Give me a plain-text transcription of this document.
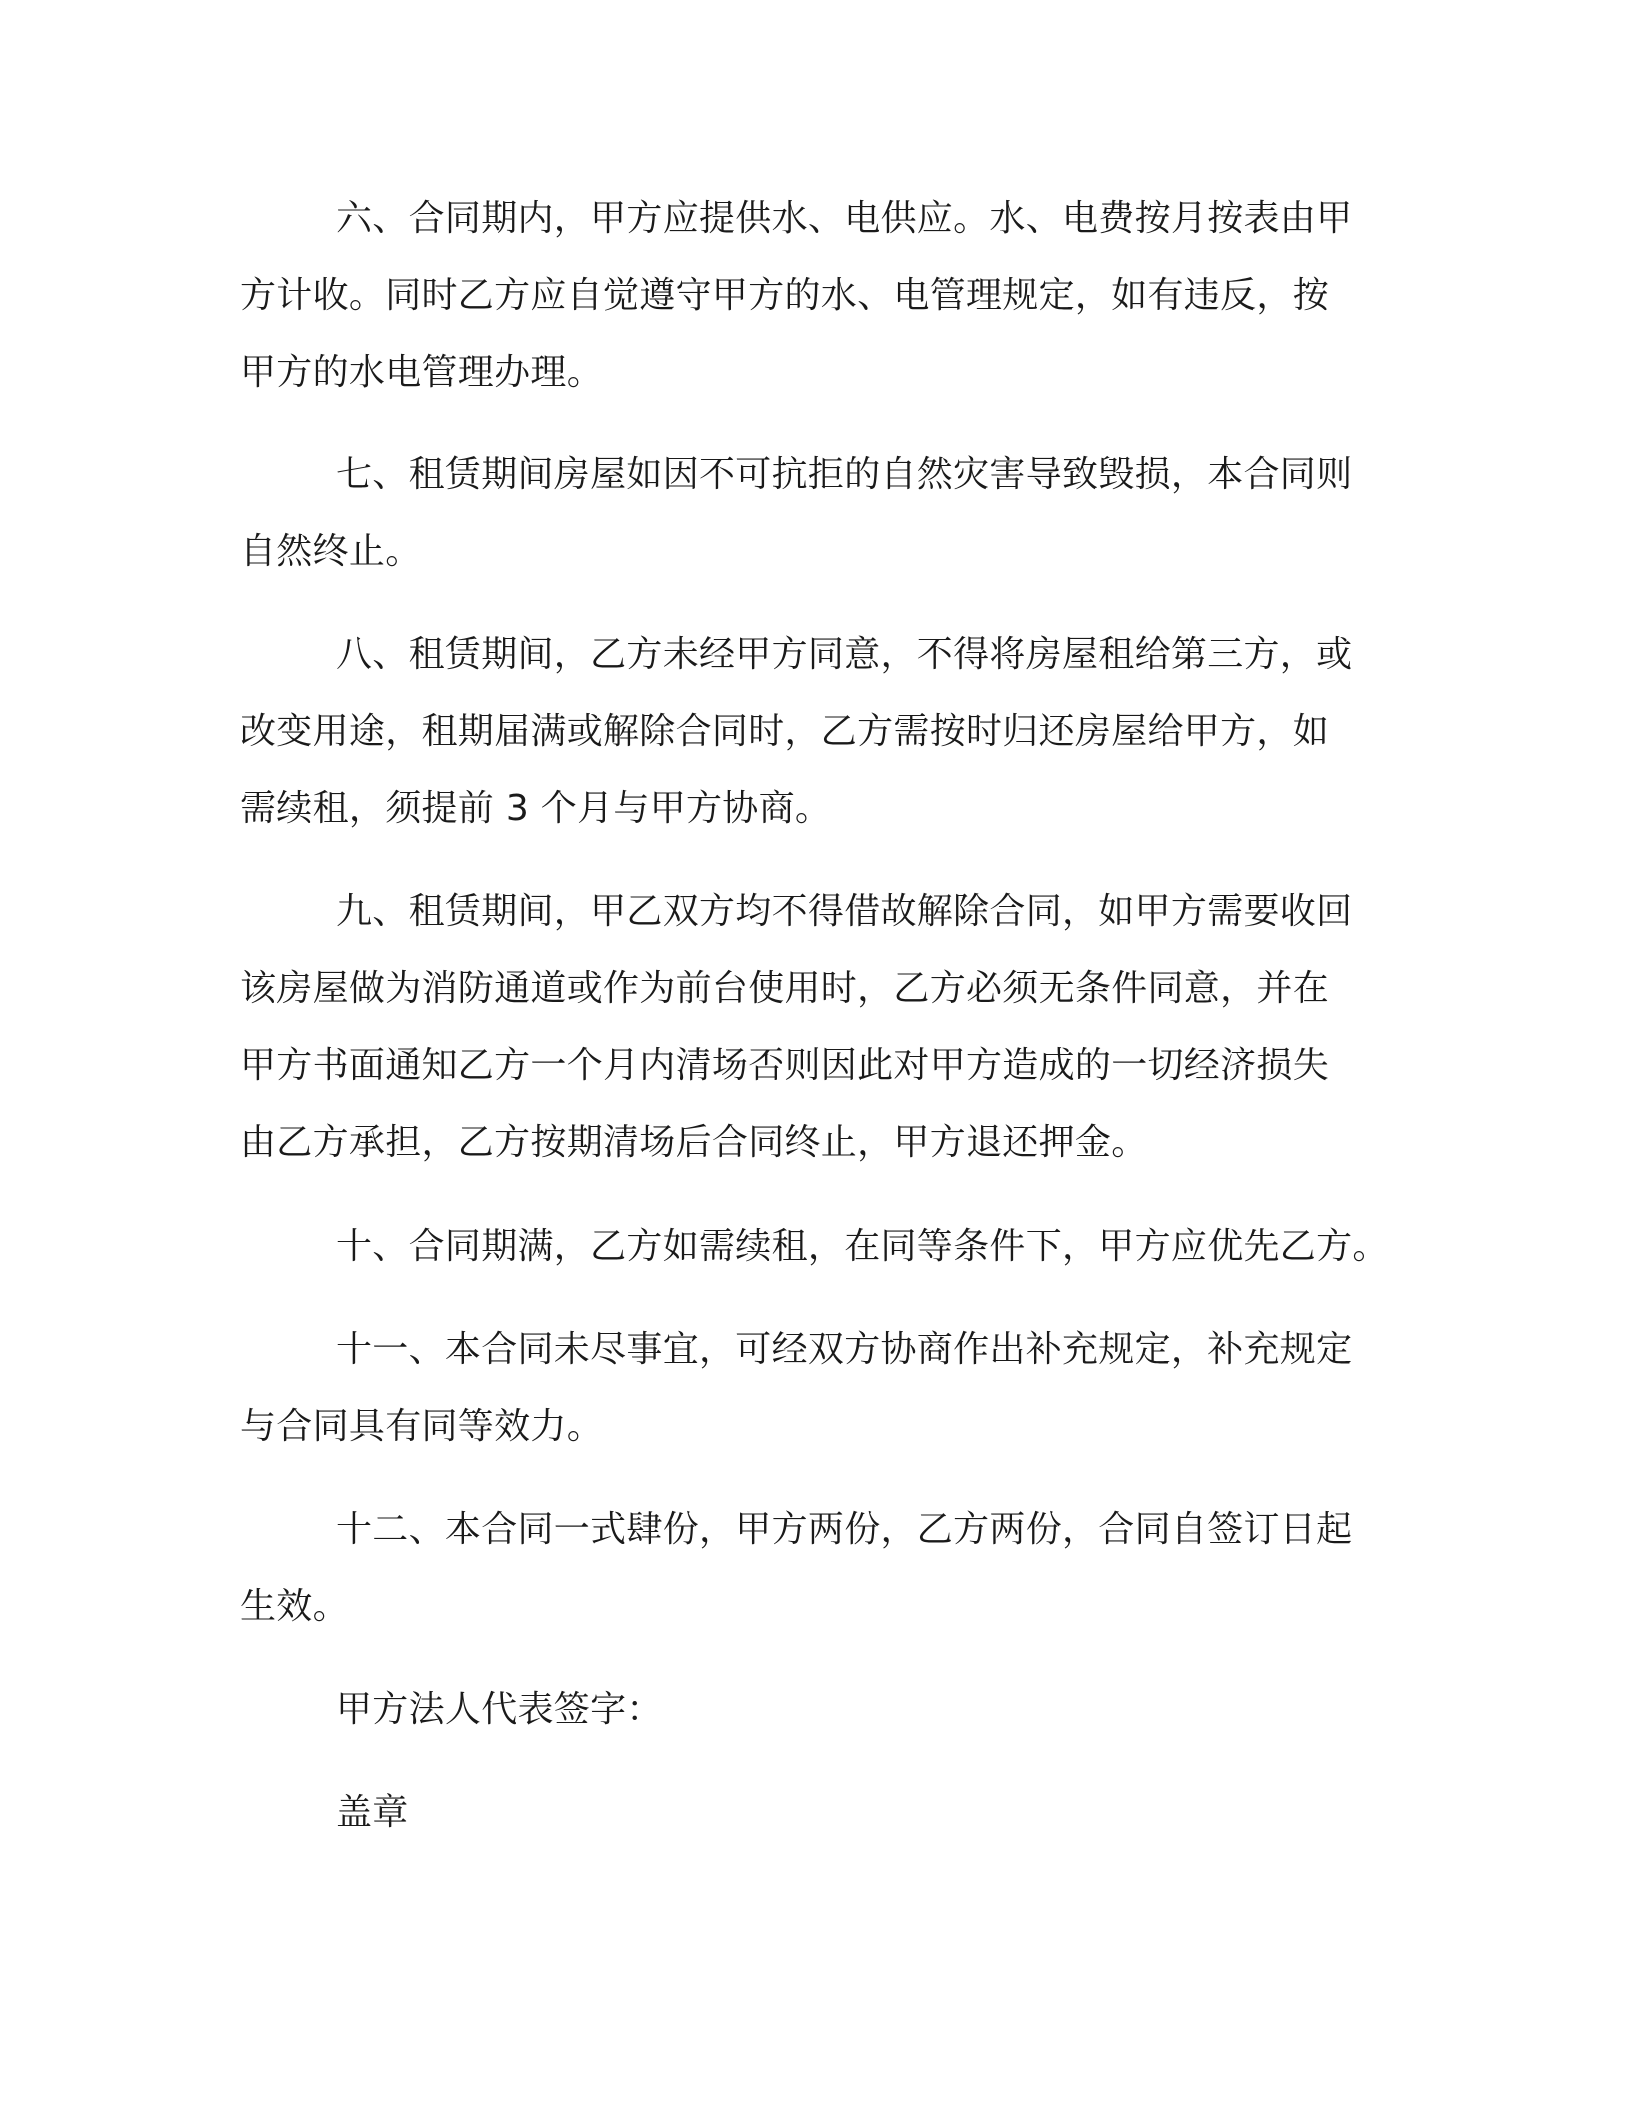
六、合同期内，甲方应提供水、电供应。水、电费按月按表由甲
方计收。同时乙方应自觉遵守甲方的水、电管理规定，如有违反，按
甲方的水电管理办理。

七、租赁期间房屋如因不可抗拒的自然灾害导致毁损，本合同则
自然终止。

八、租赁期间，乙方未经甲方同意，不得将房屋租给第三方，或
改变用途，租期届满或解除合同时，乙方需按时归还房屋给甲方，如
需续租，须提前 3 个月与甲方协商。

九、租赁期间，甲乙双方均不得借故解除合同，如甲方需要收回
该房屋做为消防通道或作为前台使用时，乙方必须无条件同意，并在
甲方书面通知乙方一个月内清场否则因此对甲方造成的一切经济损失
由乙方承担，乙方按期清场后合同终止，甲方退还押金。

十、合同期满，乙方如需续租，在同等条件下，甲方应优先乙方。

十一、本合同未尽事宜，可经双方协商作出补充规定，补充规定
与合同具有同等效力。

十二、本合同一式肆份，甲方两份，乙方两份，合同自签订日起
生效。

甲方法人代表签字：

盖章
